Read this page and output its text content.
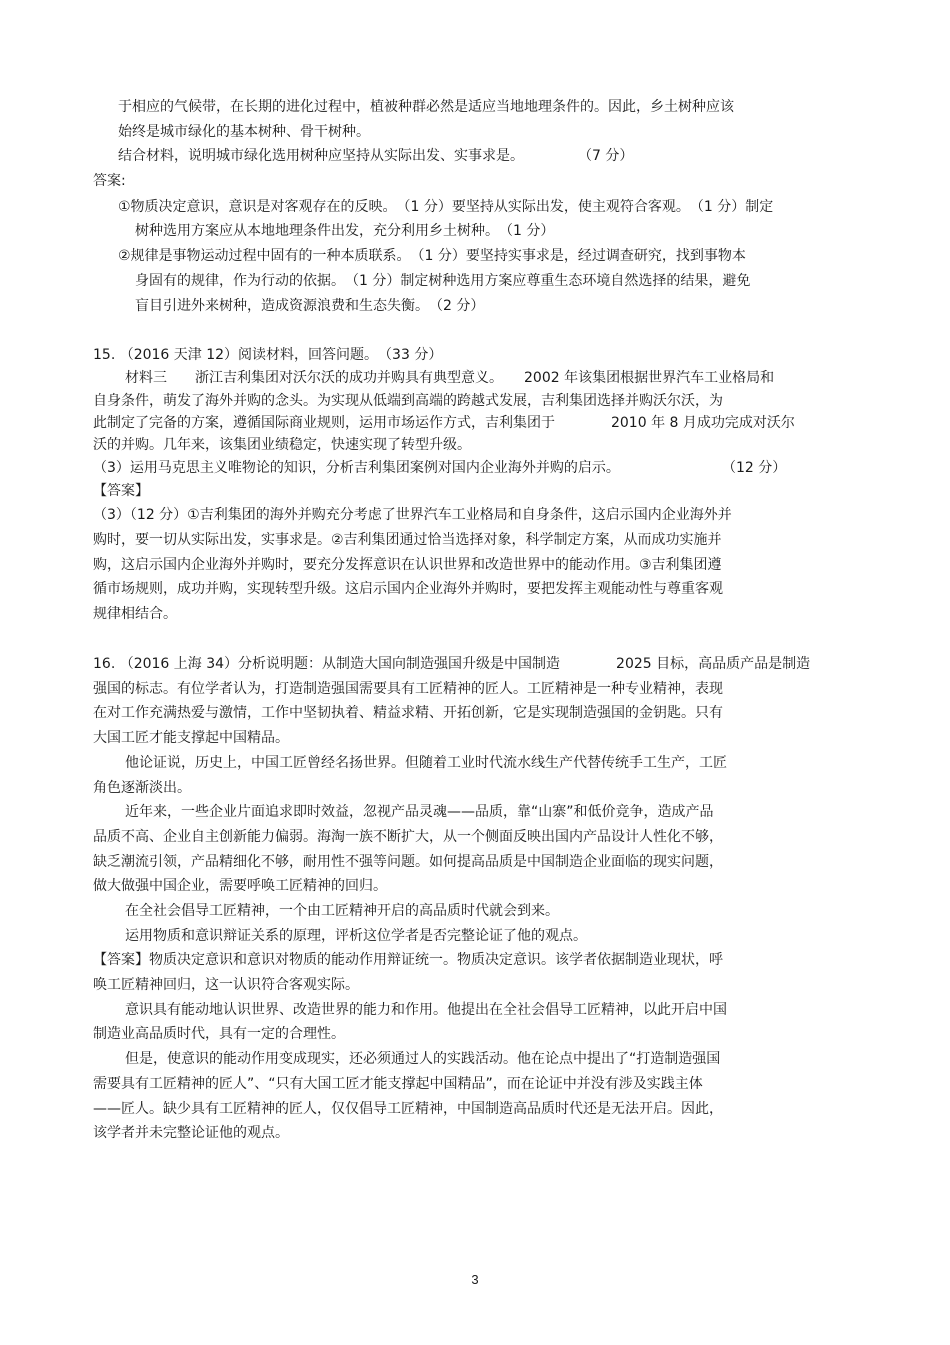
于相应的气候带，在长期的进化过程中，植被种群必然是适应当地地理条件的。因此，乡土树种应该
始终是城市绿化的基本树种、骨干树种。
结合材料，说明城市绿化选用树种应坚持从实际出发、实事求是。	（7 分）
答案:
①物质决定意识，意识是对客观存在的反映。　（1 分）要坚持从实际出发，使主观符合客观。　（1 分）制定
树种选用方案应从本地地理条件出发，充分利用乡土树种。　（1 分）
②规律是事物运动过程中固有的一种本质联系。　（1 分）要坚持实事求是，经过调查研究，找到事物本
身固有的规律，作为行动的依据。　（1 分）制定树种选用方案应尊重生态环境自然选择的结果，避免
盲目引进外来树种，造成资源浪费和生态失衡。　（2 分）
15. （2016 天津 12）阅读材料，回答问题。　（33 分）
材料三　　浙江吉利集团对沃尔沃的成功并购具有典型意义。　　2002 年该集团根据世界汽车工业格局和
自身条件，萌发了海外并购的念头。为实现从低端到高端的跨越式发展，吉利集团选择并购沃尔沃，为
此制定了完备的方案，遵循国际商业规则，运用市场运作方式，吉利集团于　　　　2010 年 8 月成功完成对沃尔
沃的并购。几年来，该集团业绩稳定，快速实现了转型升级。
（3）运用马克思主义唯物论的知识，分析吉利集团案例对国内企业海外并购的启示。	（12 分）
【答案】
（3）（12 分）①吉利集团的海外并购充分考虑了世界汽车工业格局和自身条件，这启示国内企业海外并
购时，要一切从实际出发，实事求是。②吉利集团通过恰当选择对象，科学制定方案，从而成功实施并
购，这启示国内企业海外并购时，要充分发挥意识在认识世界和改造世界中的能动作用。③吉利集团遵
循市场规则，成功并购，实现转型升级。这启示国内企业海外并购时，要把发挥主观能动性与尊重客观
规律相结合。
16. （2016 上海 34）分析说明题：从制造大国向制造强国升级是中国制造　　　　2025 目标，高品质产品是制造
强国的标志。有位学者认为，打造制造强国需要具有工匠精神的匠人。工匠精神是一种专业精神，表现
在对工作充满热爱与激情，工作中坚韧执着、精益求精、开拓创新，它是实现制造强国的金钥匙。只有
大国工匠才能支撑起中国精品。
他论证说，历史上，中国工匠曾经名扬世界。但随着工业时代流水线生产代替传统手工生产，工匠
角色逐渐淡出。
近年来，一些企业片面追求即时效益，忽视产品灵魂——品质，靠“山寨”和低价竞争，造成产品
品质不高、企业自主创新能力偏弱。海淘一族不断扩大，从一个侧面反映出国内产品设计人性化不够，
缺乏潮流引领，产品精细化不够，耐用性不强等问题。如何提高品质是中国制造企业面临的现实问题，
做大做强中国企业，需要呼唤工匠精神的回归。
在全社会倡导工匠精神，一个由工匠精神开启的高品质时代就会到来。
运用物质和意识辩证关系的原理，评析这位学者是否完整论证了他的观点。
【答案】物质决定意识和意识对物质的能动作用辩证统一。物质决定意识。该学者依据制造业现状，呼
唤工匠精神回归，这一认识符合客观实际。
意识具有能动地认识世界、改造世界的能力和作用。他提出在全社会倡导工匠精神，以此开启中国
制造业高品质时代，具有一定的合理性。
但是，使意识的能动作用变成现实，还必须通过人的实践活动。他在论点中提出了“打造制造强国
需要具有工匠精神的匠人”、“只有大国工匠才能支撑起中国精品”，而在论证中并没有涉及实践主体
——匠人。缺少具有工匠精神的匠人，仅仅倡导工匠精神，中国制造高品质时代还是无法开启。因此，
该学者并未完整论证他的观点。
3
